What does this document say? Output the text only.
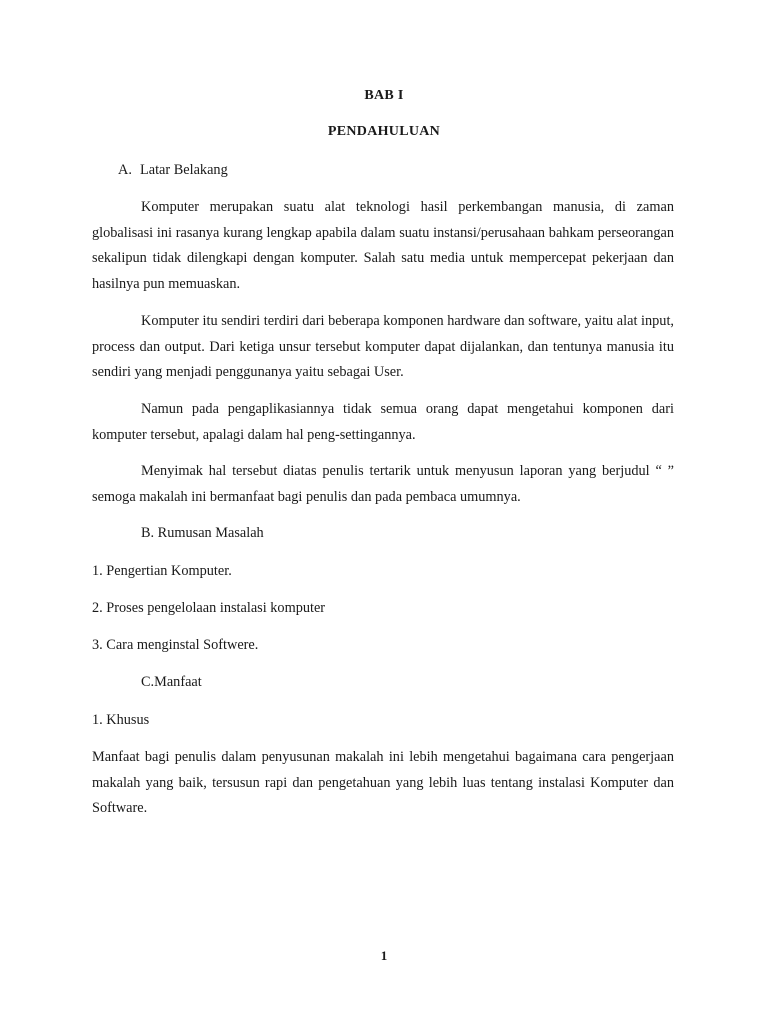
BAB I
PENDAHULUAN
A. Latar Belakang
Komputer merupakan suatu alat teknologi hasil perkembangan manusia, di zaman globalisasi ini rasanya kurang lengkap apabila dalam suatu instansi/perusahaan bahkam perseorangan sekalipun tidak dilengkapi dengan komputer. Salah satu media untuk mempercepat pekerjaan dan hasilnya pun memuaskan.
Komputer itu sendiri terdiri dari beberapa komponen hardware dan software, yaitu alat input, process dan output. Dari ketiga unsur tersebut komputer dapat dijalankan, dan tentunya manusia itu sendiri yang menjadi penggunanya yaitu sebagai User.
Namun pada pengaplikasiannya tidak semua orang dapat mengetahui komponen dari komputer tersebut, apalagi dalam hal peng-settingannya.
Menyimak hal tersebut diatas penulis tertarik untuk menyusun laporan yang berjudul “ ” semoga makalah ini bermanfaat bagi penulis dan pada pembaca umumnya.
B. Rumusan Masalah
1. Pengertian Komputer.
2. Proses pengelolaan instalasi komputer
3. Cara menginstal Softwere.
C.Manfaat
1. Khusus
Manfaat bagi penulis dalam penyusunan makalah ini lebih mengetahui bagaimana cara pengerjaan makalah yang baik, tersusun rapi dan pengetahuan yang lebih luas tentang instalasi Komputer dan Software.
1
